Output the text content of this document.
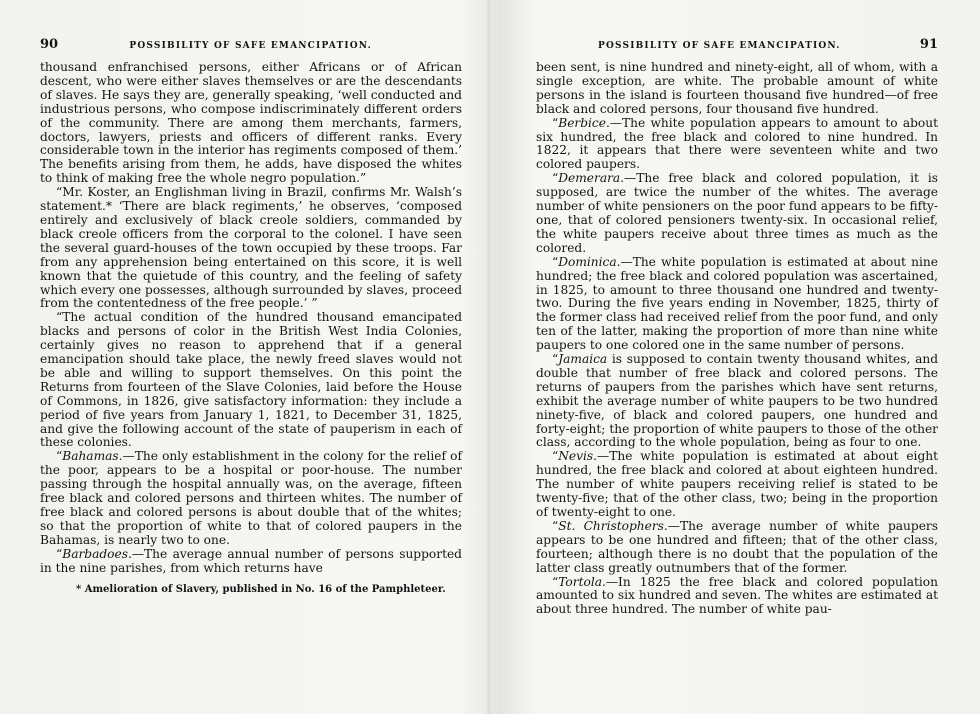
90	POSSIBILITY OF SAFE EMANCIPATION.

thousand enfranchised persons, either Africans or of African descent, who were either slaves themselves or are the descendants of slaves. He says they are, generally speaking, ‘well conducted and industrious persons, who compose indiscriminately different orders of the community. There are among them merchants, farmers, doctors, lawyers, priests and officers of different ranks. Every considerable town in the interior has regiments composed of them.’ The benefits arising from them, he adds, have disposed the whites to think of making free the whole negro population.”

“Mr. Koster, an Englishman living in Brazil, confirms Mr. Walsh’s statement.* ‘There are black regiments,’ he observes, ‘composed entirely and exclusively of black creole soldiers, commanded by black creole officers from the corporal to the colonel. I have seen the several guard-houses of the town occupied by these troops. Far from any apprehension being entertained on this score, it is well known that the quietude of this country, and the feeling of safety which every one possesses, although surrounded by slaves, proceed from the contentedness of the free people.’ ”

“The actual condition of the hundred thousand emancipated blacks and persons of color in the British West India Colonies, certainly gives no reason to apprehend that if a general emancipation should take place, the newly freed slaves would not be able and willing to support themselves. On this point the Returns from fourteen of the Slave Colonies, laid before the House of Commons, in 1826, give satisfactory information: they include a period of five years from January 1, 1821, to December 31, 1825, and give the following account of the state of pauperism in each of these colonies.

“Bahamas.—The only establishment in the colony for the relief of the poor, appears to be a hospital or poor-house. The number passing through the hospital annually was, on the average, fifteen free black and colored persons and thirteen whites. The number of free black and colored persons is about double that of the whites; so that the proportion of white to that of colored paupers in the Bahamas, is nearly two to one.

“Barbadoes.—The average annual number of persons supported in the nine parishes, from which returns have

* Amelioration of Slavery, published in No. 16 of the Pamphleteer.
POSSIBILITY OF SAFE EMANCIPATION.	91

been sent, is nine hundred and ninety-eight, all of whom, with a single exception, are white. The probable amount of white persons in the island is fourteen thousand five hundred—of free black and colored persons, four thousand five hundred.

“Berbice.—The white population appears to amount to about six hundred, the free black and colored to nine hundred. In 1822, it appears that there were seventeen white and two colored paupers.

“Demerara.—The free black and colored population, it is supposed, are twice the number of the whites. The average number of white pensioners on the poor fund appears to be fifty-one, that of colored pensioners twenty-six. In occasional relief, the white paupers receive about three times as much as the colored.

“Dominica.—The white population is estimated at about nine hundred; the free black and colored population was ascertained, in 1825, to amount to three thousand one hundred and twenty-two. During the five years ending in November, 1825, thirty of the former class had received relief from the poor fund, and only ten of the latter, making the proportion of more than nine white paupers to one colored one in the same number of persons.

“Jamaica is supposed to contain twenty thousand whites, and double that number of free black and colored persons. The returns of paupers from the parishes which have sent returns, exhibit the average number of white paupers to be two hundred ninety-five, of black and colored paupers, one hundred and forty-eight; the proportion of white paupers to those of the other class, according to the whole population, being as four to one.

“Nevis.—The white population is estimated at about eight hundred, the free black and colored at about eighteen hundred. The number of white paupers receiving relief is stated to be twenty-five; that of the other class, two; being in the proportion of twenty-eight to one.

“St. Christophers.—The average number of white paupers appears to be one hundred and fifteen; that of the other class, fourteen; although there is no doubt that the population of the latter class greatly outnumbers that of the former.

“Tortola.—In 1825 the free black and colored population amounted to six hundred and seven. The whites are estimated at about three hundred. The number of white pau-
